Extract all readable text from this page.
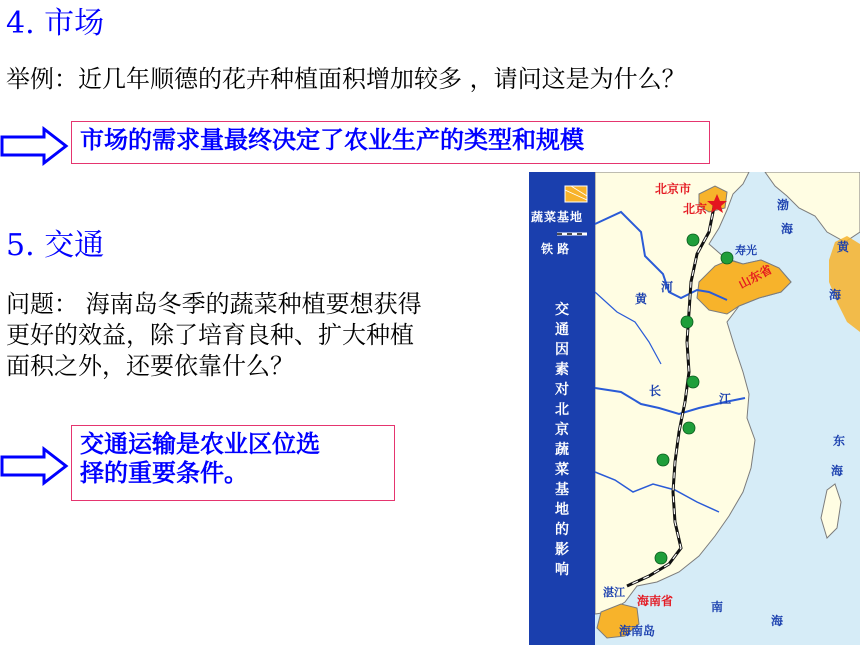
4. 市场
举例：近几年顺德的花卉种植面积增加较多 ，请问这是为什么？
市场的需求量最终决定了农业生产的类型和规模
5. 交通
问题： 海南岛冬季的蔬菜种植要想获得
更好的效益，除了培育良种、扩大种植
面积之外，还要依靠什么？
交通运输是农业区位选
择的重要条件。
蔬菜基地
铁 路
交
通
因
素
对
北
京
蔬
菜
基
地
的
影
响
北京市
北京
寿光
山东省
渤
海
黄
海
黄
河
长
江
东
海
湛江
海南省	南
海
海南岛
